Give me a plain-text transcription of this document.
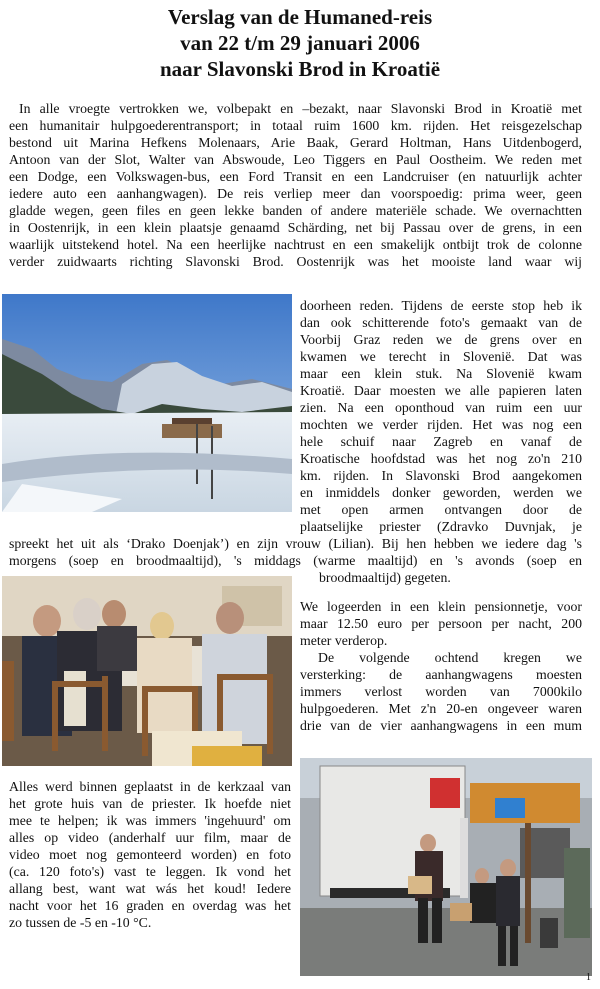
Verslag van de Humaned-reis
van 22 t/m 29 januari 2006
naar Slavonski Brod in Kroatië
In alle vroegte vertrokken we, volbepakt en –bezakt, naar Slavonski Brod in Kroatië met
een humanitair hulpgoederentransport; in totaal ruim 1600 km. rijden. Het reisgezelschap
bestond uit Marina Hefkens Molenaars, Arie Baak, Gerard Holtman, Hans Uitdenbogerd,
Antoon van der Slot, Walter van Abswoude, Leo Tiggers en Paul Oostheim. We reden met
een Dodge, een Volkswagen-bus, een Ford Transit en een Landcruiser (en natuurlijk achter
iedere auto een aanhangwagen). De reis verliep meer dan voorspoedig: prima weer, geen
gladde wegen, geen files en geen lekke banden of andere materiële schade. We overnachtten
in Oostenrijk, in een klein plaatsje genaamd Schärding, net bij Passau over de grens, in een
waarlijk uitstekend hotel. Na een heerlijke nachtrust en een smakelijk ontbijt trok de colonne
verder zuidwaarts richting Slavonski Brod. Oostenrijk was het mooiste land waar wij
doorheen reden. Tijdens de eerste stop heb ik
dan ook schitterende foto's gemaakt van de
Voorbij Graz reden we de grens over en
kwamen we terecht in Slovenië. Dat was
maar een klein stuk. Na Slovenië kwam
Kroatië. Daar moesten we alle papieren laten
zien. Na een oponthoud van ruim een uur
mochten we verder rijden. Het was nog een
hele schuif naar Zagreb en vanaf de
Kroatische hoofdstad was het nog zo'n 210
km. rijden. In Slavonski Brod aangekomen
en inmiddels donker geworden, werden we
met open armen ontvangen door de
plaatselijke priester (Zdravko Duvnjak, je
spreekt het uit als ‘Drako Doenjak’) en zijn vrouw (Lilian). Bij hen hebben we iedere dag 's
morgens (soep en broodmaaltijd), 's middags (warme maaltijd) en 's avonds (soep en
broodmaaltijd) gegeten.
We logeerden in een klein pensionnetje, voor
maar 12.50 euro per persoon per nacht, 200
meter verderop.
De volgende ochtend kregen we
versterking: de aanhangwagens moesten
immers verlost worden van 7000kilo
hulpgoederen. Met z'n 20-en ongeveer waren
drie van de vier aanhangwagens in een mum
Alles werd binnen geplaatst in de kerkzaal van
het grote huis van de priester. Ik hoefde niet
mee te helpen; ik was immers 'ingehuurd' om
alles op video (anderhalf uur film, maar de
video moet nog gemonteerd worden) en foto
(ca. 120 foto's) vast te leggen. Ik vond het
allang best, want wat wás het koud! Iedere
nacht voor het 16 graden en overdag was het
zo tussen de -5 en -10 °C.
1
